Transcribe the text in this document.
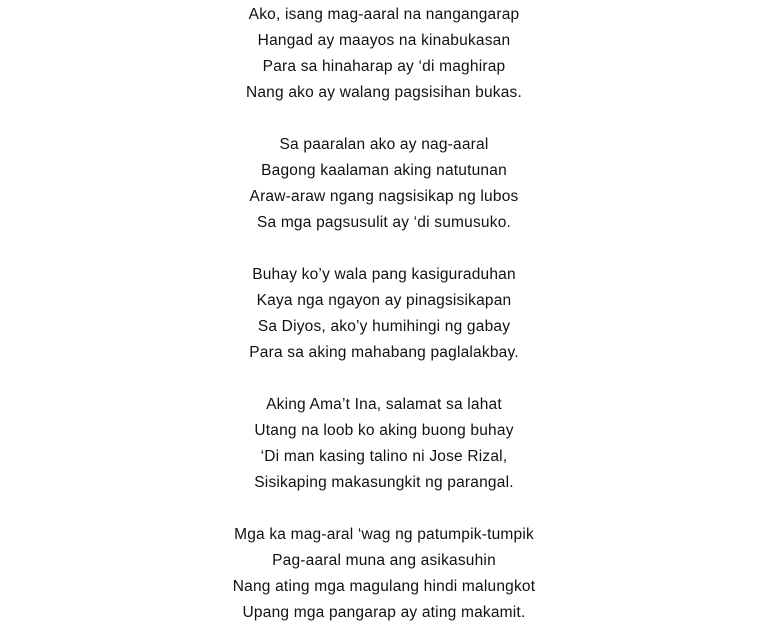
Ako, isang mag-aaral na nangangarap
Hangad ay maayos na kinabukasan
Para sa hinaharap ay ‘di maghirap
Nang ako ay walang pagsisihan bukas.
Sa paaralan ako ay nag-aaral
Bagong kaalaman aking natutunan
Araw-araw ngang nagsisikap ng lubos
Sa mga pagsusulit ay ‘di sumusuko.
Buhay ko’y wala pang kasiguraduhan
Kaya nga ngayon ay pinagsisikapan
Sa Diyos, ako’y humihingi ng gabay
Para sa aking mahabang paglalakbay.
Aking Ama’t Ina, salamat sa lahat
Utang na loob ko aking buong buhay
‘Di man kasing talino ni Jose Rizal,
Sisikaping makasungkit ng parangal.
Mga ka mag-aral ‘wag ng patumpik-tumpik
Pag-aaral muna ang asikasuhin
Nang ating mga magulang hindi malungkot
Upang mga pangarap ay ating makamit.
